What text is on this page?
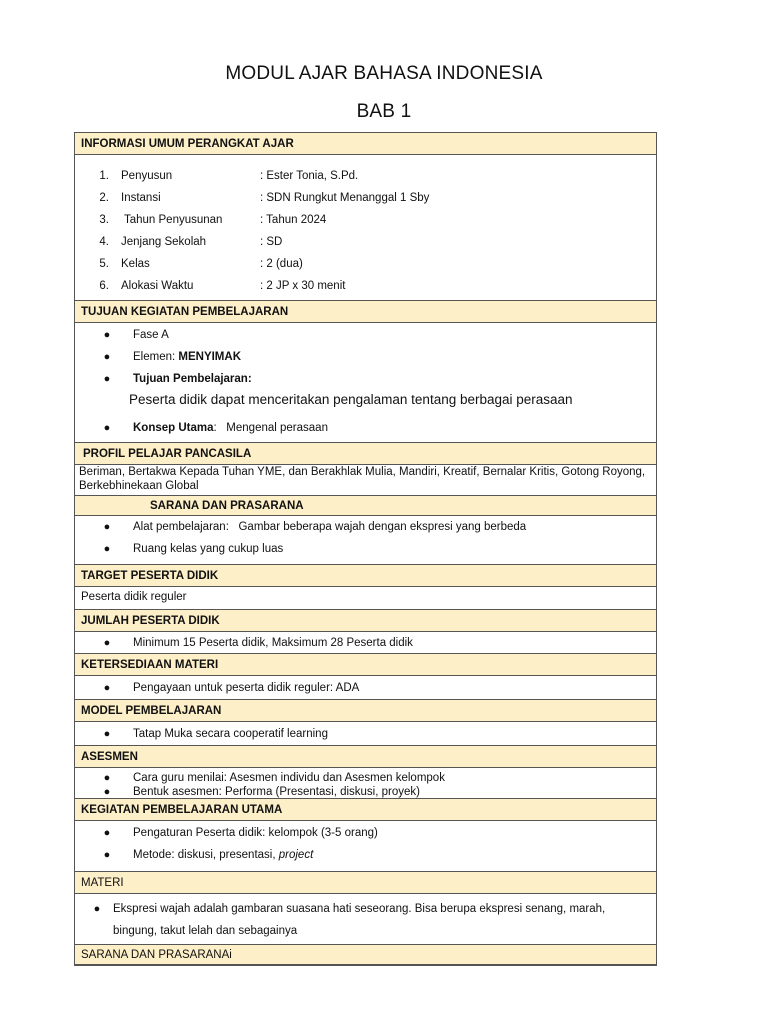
MODUL AJAR BAHASA INDONESIA
BAB 1
INFORMASI UMUM PERANGKAT AJAR
1.	Penyusun	: Ester Tonia, S.Pd.
2.	Instansi	: SDN Rungkut Menanggal 1 Sby
3.	Tahun Penyusunan	: Tahun 2024
4.	Jenjang Sekolah	: SD
5.	Kelas	: 2 (dua)
6.	Alokasi Waktu	: 2 JP x 30 menit
TUJUAN KEGIATAN PEMBELAJARAN
●	Fase A
●	Elemen: MENYIMAK
●	Tujuan Pembelajaran:
Peserta didik dapat menceritakan pengalaman tentang berbagai perasaan
●	Konsep Utama:   Mengenal perasaan
PROFIL PELAJAR PANCASILA
Beriman, Bertakwa Kepada Tuhan YME, dan Berakhlak Mulia, Mandiri, Kreatif, Bernalar Kritis, Gotong Royong, Berkebhinekaan Global
SARANA DAN PRASARANA
●	Alat pembelajaran:   Gambar beberapa wajah dengan ekspresi yang berbeda
●	Ruang kelas yang cukup luas
TARGET PESERTA DIDIK
Peserta didik reguler
JUMLAH PESERTA DIDIK
●	Minimum 15 Peserta didik, Maksimum 28 Peserta didik
KETERSEDIAAN MATERI
●	Pengayaan untuk peserta didik reguler: ADA
MODEL PEMBELAJARAN
●	Tatap Muka secara cooperatif learning
ASESMEN
●	Cara guru menilai: Asesmen individu dan Asesmen kelompok
●	Bentuk asesmen: Performa (Presentasi, diskusi, proyek)
KEGIATAN PEMBELAJARAN UTAMA
●	Pengaturan Peserta didik: kelompok (3-5 orang)
●	Metode: diskusi, presentasi, project
MATERI
●	Ekspresi wajah adalah gambaran suasana hati seseorang. Bisa berupa ekspresi senang, marah, bingung, takut lelah dan sebagainya
SARANA DAN PRASARANAi
